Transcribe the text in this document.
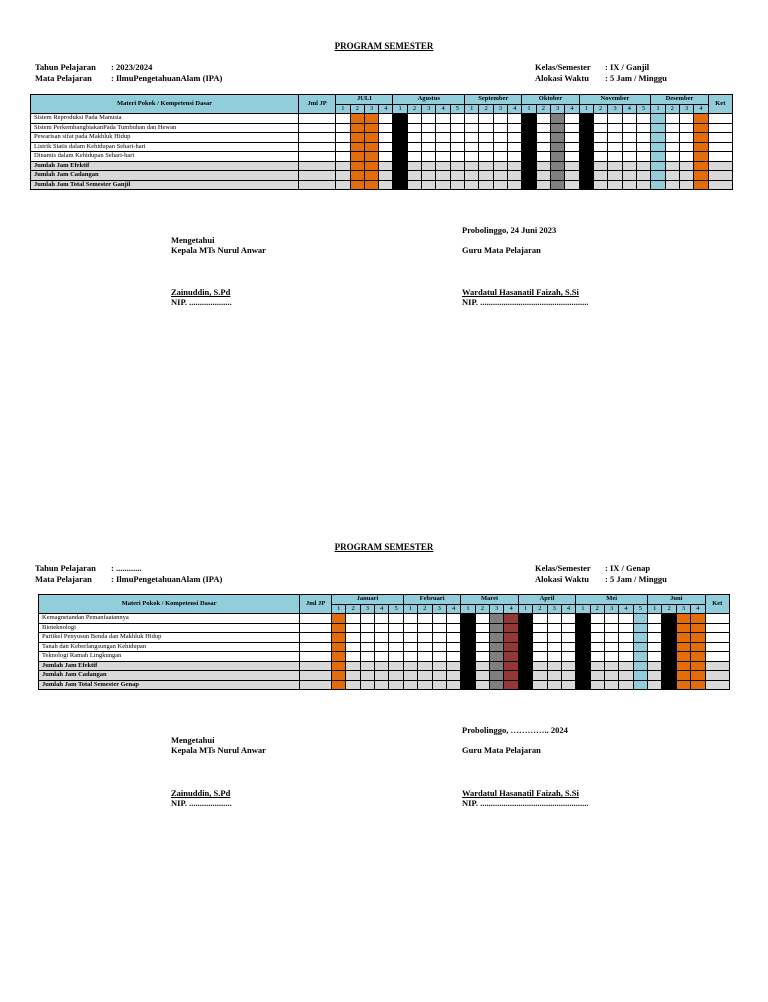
PROGRAM SEMESTER
Tahun Pelajaran : 2023/2024
Mata Pelajaran : IlmuPengetahuanAlam (IPA)
Kelas/Semester : IX / Ganjil
Alokasi Waktu : 5 Jam / Minggu
Materi Pokok / Kompetensi Dasar	Jml JP	JULI				Agustus					September				Oktober				November					Desember				Ket
		1	2	3	4	1	2	3	4	5	1	2	3	4	1	2	3	4	1	2	3	4	5	1	2	3	4	
Sistem Reproduksi Pada Manusia																												
Sistem PerkembangbiakanPada Tumbuhan dan Hewan																												
Pewarisan sifat pada Makhluk Hidup																												
Listrik Statis dalam Kehidupan Sehari-hari																												
Dinamis dalam Kehidupan Sehari-hari																												
Jumlah Jam Efektif																												
Jumlah Jam Cadangan																												
Jumlah Jam Total Semester Ganjil																												
Probolinggo, 24 Juni 2023
Mengetahui
Kepala MTs Nurul Anwar	Guru Mata Pelajaran
Zainuddin, S.Pd
NIP. ....................
Wardatul Hasanatil Faizah, S.Si
NIP. ...................................................
PROGRAM SEMESTER
Tahun Pelajaran : ............
Mata Pelajaran : IlmuPengetahuanAlam (IPA)
Kelas/Semester : IX / Genap
Alokasi Waktu : 5 Jam / Minggu
Materi Pokok / Kompetensi Dasar	Jml JP	Januari					Februari				Maret				April				Mei					Juni				Ket
		1	2	3	4	5	1	2	3	4	1	2	3	4	1	2	3	4	1	2	3	4	5	1	2	3	4	
Kemagnetandan Pemanfaatannya																												
Bioteknologi																												
Partikel Penyusun Benda dan Makhluk Hidup																												
Tanah dan Keberlangsungan Kehidupan																												
Teknologi Ramah Lingkungan																												
Jumlah Jam Efektif																												
Jumlah Jam Cadangan																												
Jumlah Jam Total Semester Genap																												
Probolinggo, ………….. 2024
Mengetahui
Kepala MTs Nurul Anwar	Guru Mata Pelajaran
Zainuddin, S.Pd
NIP. ....................
Wardatul Hasanatil Faizah, S.Si
NIP. ...................................................
